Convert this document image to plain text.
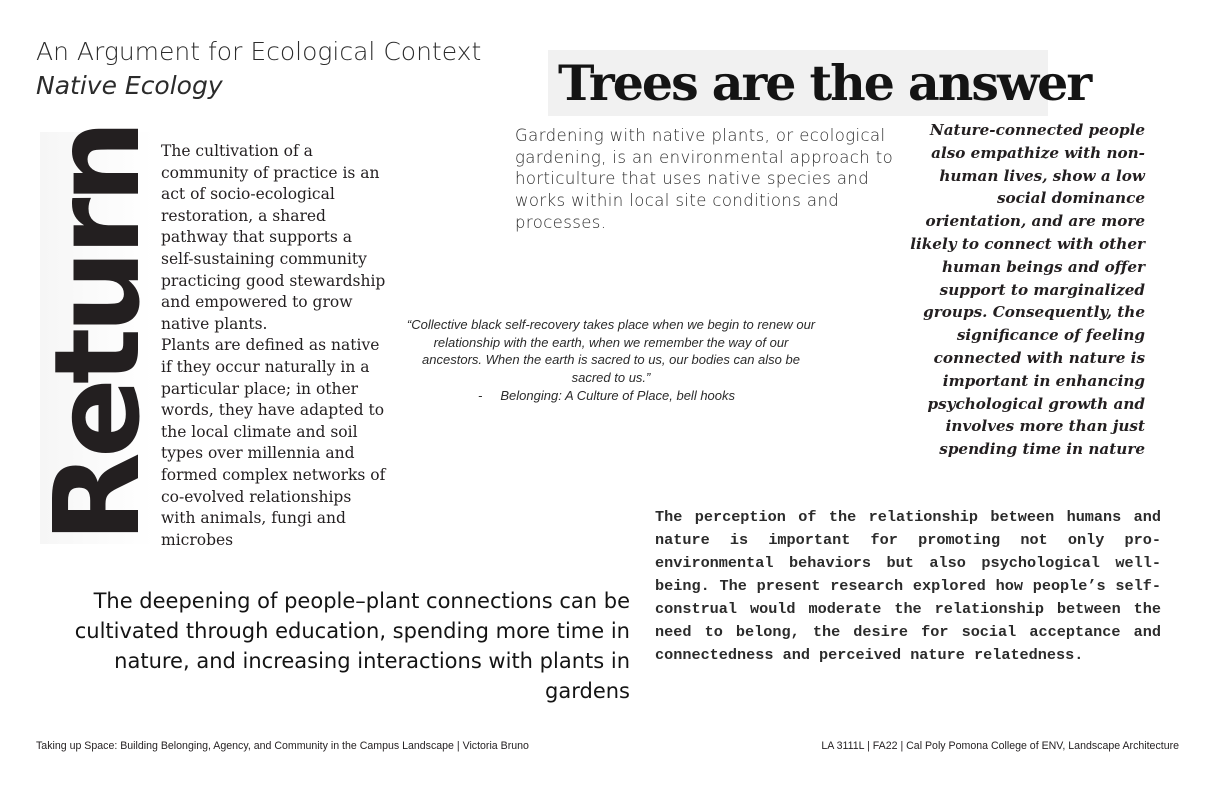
An Argument for Ecological Context
Native Ecology	Trees are the answer
Return

The cultivation of a community of practice is an act of socio-ecological restoration, a shared pathway that supports a self-sustaining community practicing good stewardship and empowered to grow native plants.

Plants are defined as native if they occur naturally in a particular place; in other words, they have adapted to the local climate and soil types over millennia and formed complex networks of co-evolved relationships with animals, fungi and microbes

Gardening with native plants, or ecological gardening, is an environmental approach to horticulture that uses native species and works within local site conditions and processes.
“Collective black self-recovery takes place when we begin to renew our relationship with the earth, when we remember the way of our ancestors. When the earth is sacred to us, our bodies can also be sacred to us.”
-     Belonging: A Culture of Place, bell hooks
Nature-connected people also empathize with non-human lives, show a low social dominance orientation, and are more likely to connect with other human beings and offer support to marginalized groups. Consequently, the significance of feeling connected with nature is important in enhancing psychological growth and involves more than just spending time in nature
The deepening of people–plant connections can be cultivated through education, spending more time in nature, and increasing interactions with plants in gardens
The perception of the relationship between humans and nature is important for promoting not only pro-environmental behaviors but also psychological well-being. The present research explored how people’s self-construal would moderate the relationship between the need to belong, the desire for social acceptance and connectedness and perceived nature relatedness.
Taking up Space: Building Belonging, Agency, and Community in the Campus Landscape | Victoria Bruno	LA 3111L | FA22 | Cal Poly Pomona College of ENV, Landscape Architecture
